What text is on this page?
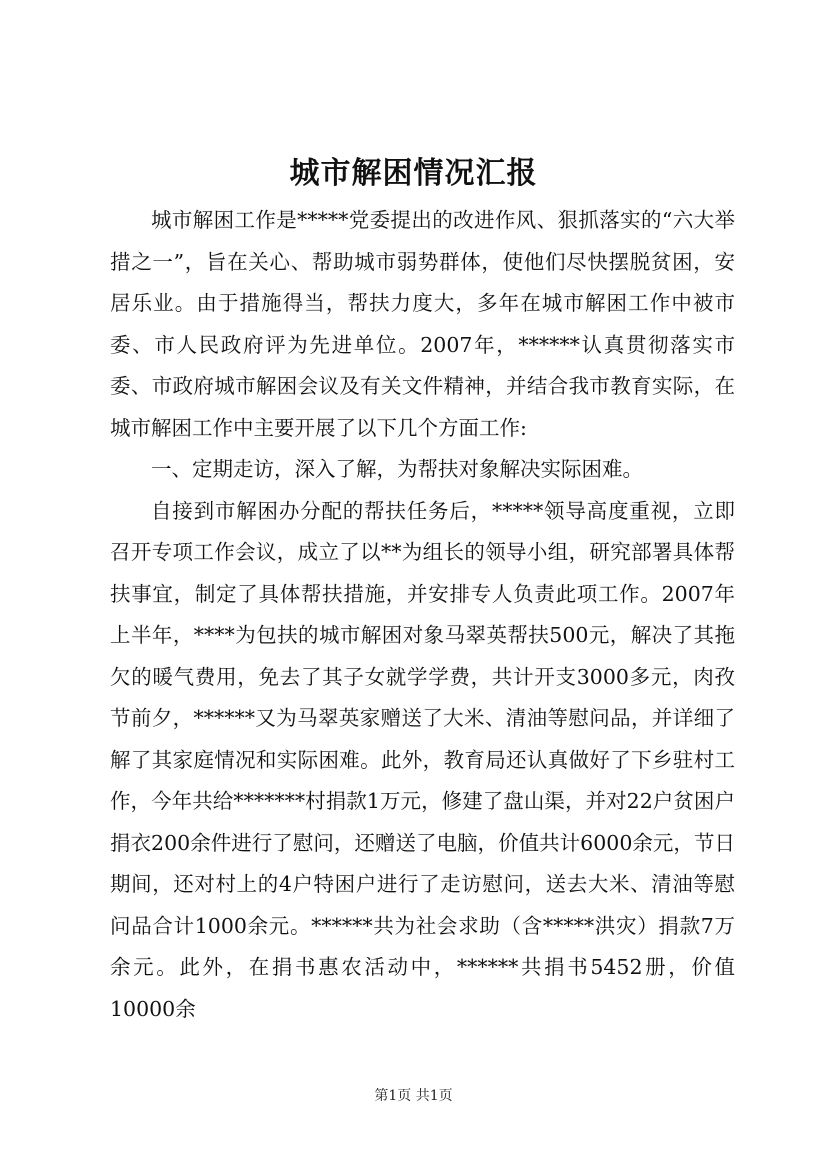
城市解困情况汇报

城市解困工作是*****党委提出的改进作风、狠抓落实的“六大举措之一”，旨在关心、帮助城市弱势群体，使他们尽快摆脱贫困，安居乐业。由于措施得当，帮扶力度大，多年在城市解困工作中被市委、市人民政府评为先进单位。2007年，******认真贯彻落实市委、市政府城市解困会议及有关文件精神，并结合我市教育实际，在城市解困工作中主要开展了以下几个方面工作:

一、定期走访，深入了解，为帮扶对象解决实际困难。

自接到市解困办分配的帮扶任务后，*****领导高度重视，立即召开专项工作会议，成立了以**为组长的领导小组，研究部署具体帮扶事宜，制定了具体帮扶措施，并安排专人负责此项工作。2007年上半年，****为包扶的城市解困对象马翠英帮扶500元，解决了其拖欠的暖气费用，免去了其子女就学学费，共计开支3000多元，肉孜节前夕，******又为马翠英家赠送了大米、清油等慰问品，并详细了解了其家庭情况和实际困难。此外，教育局还认真做好了下乡驻村工作，今年共给*******村捐款1万元，修建了盘山渠，并对22户贫困户捐衣200余件进行了慰问，还赠送了电脑，价值共计6000余元，节日期间，还对村上的4户特困户进行了走访慰问，送去大米、清油等慰问品合计1000余元。******共为社会求助（含*****洪灾）捐款7万余元。此外，在捐书惠农活动中，******共捐书5452册，价值10000余

第1页 共1页
